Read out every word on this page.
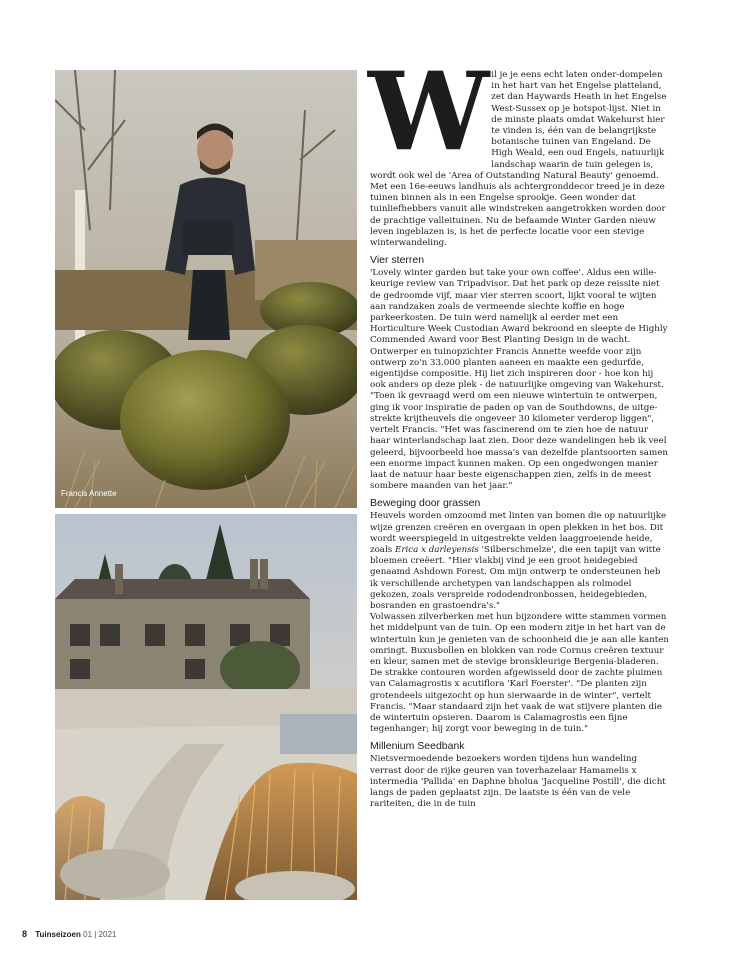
Francis Annette
W il je je eens echt laten onder-dompelen in het hart van het Engelse platteland, zet dan Haywards Heath in het Engelse West-Sussex op je hotspot-lijst. Niet in de minste plaats omdat Wakehurst hier te vinden is, één van de belangrijkste botanische tuinen van Engeland. De High Weald, een oud Engels, natuurlijk landschap waarin de tuin gelegen is, wordt ook wel de 'Area of Outstanding Natural Beauty' genoemd. Met een 16e-eeuws landhuis als achtergronddecor treed je in deze tuinen binnen als in een Engelse sprookje. Geen wonder dat tuinliefhebbers vanuit alle windstreken aangetrokken worden door de prachtige valleituinen. Nu de befaamde Winter Garden nieuw leven ingeblazen is, is het de perfecte locatie voor een stevige winterwandeling.

Vier sterren

'Lovely winter garden but take your own coffee'. Aldus een wille-keurige review van Tripadvisor. Dat het park op deze reissite niet de gedroomde vijf, maar vier sterren scoort, lijkt vooral te wijten aan randzaken zoals de vermeende slechte koffie en hoge parkeerkosten. De tuin werd namelijk al eerder met een Horticulture Week Custodian Award bekroond en sleepte de Highly Commended Award voor Best Planting Design in de wacht.

Ontwerper en tuinopzichter Francis Annette weefde voor zijn ontwerp zo'n 33.000 planten aaneen en maakte een gedurfde, eigentijdse compositie. Hij liet zich inspireren door - hoe kon hij ook anders op deze plek - de natuurlijke omgeving van Wakehurst. "Toen ik gevraagd werd om een nieuwe wintertuin te ontwerpen, ging ik voor inspiratie de paden op van de Southdowns, de uitge-strekte krijtheuvels die ongeveer 30 kilometer verderop liggen", vertelt Francis. "Het was fascinerend om te zien hoe de natuur haar winterlandschap laat zien. Door deze wandelingen heb ik veel geleerd, bijvoorbeeld hoe massa's van dezelfde plantsoorten samen een enorme impact kunnen maken. Op een ongedwongen manier laat de natuur haar beste eigenschappen zien, zelfs in de meest sombere maanden van het jaar."

Beweging door grassen

Heuvels worden omzoomd met linten van bomen die op natuurlijke wijze grenzen creëren en overgaan in open plekken in het bos. Dit wordt weerspiegeld in uitgestrekte velden laaggroeiende heide, zoals Erica x darleyensis 'Silberschmelze', die een tapijt van witte bloemen creëert. "Hier vlakbij vind je een groot heidegebied genaamd Ashdown Forest. Om mijn ontwerp te ondersteunen heb ik verschillende archetypen van landschappen als rolmodel gekozen, zoals verspreide rododendronbossen, heidegebieden, bosranden en grastoendra's."

Volwassen zilverberken met hun bijzondere witte stammen vormen het middelpunt van de tuin. Op een modern zitje in het hart van de wintertuin kun je genieten van de schoonheid die je aan alle kanten omringt. Buxusbollen en blokken van rode Cornus creëren textuur en kleur, samen met de stevige bronskleurige Bergenia-bladeren. De strakke contouren worden afgewisseld door de zachte pluimen van Calamagrostis x acutiflora 'Karl Foerster'. "De planten zijn grotendeels uitgezocht op hun sierwaarde in de winter", vertelt Francis. "Maar standaard zijn het vaak de wat stijvere planten die de wintertuin opsieren. Daarom is Calamagrostis een fijne tegenhanger; hij zorgt voor beweging in de tuin."

Millenium Seedbank

Nietsvermoedende bezoekers worden tijdens hun wandeling verrast door de rijke geuren van toverhazelaar Hamamelis x intermedia 'Pallida' en Daphne bholua 'Jacqueline Postill', die dicht langs de paden geplaatst zijn. De laatste is één van de vele rariteiten, die in de tuin

8 Tuinseizoen 01 | 2021
